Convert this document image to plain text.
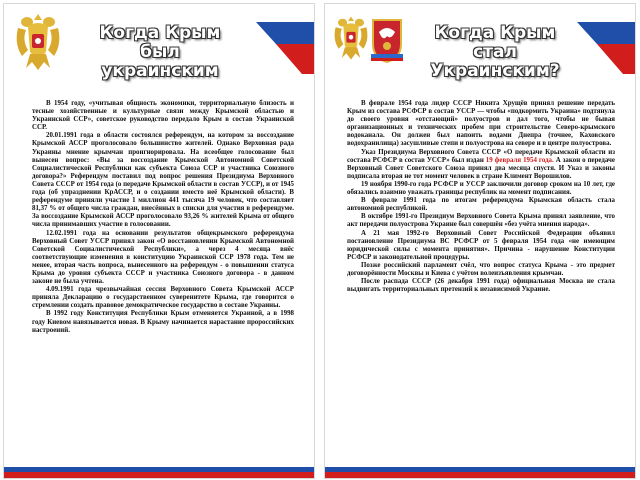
Когда Крым
был
украинским

В 1954 году, «учитывая общность экономики, территориальную близость и тесные хозяйственные и культурные связи между Крымской областью и Украинской ССР», советское руководство передало Крым в состав Украинской ССР.

20.01.1991 года в области состоялся референдум, на котором за воссоздание Крымской АССР проголосовало большинство жителей. Однако Верховная рада Украины мнение крымчан проигнорировала. На всеобщее голосование был вынесен вопрос: «Вы за воссоздание Крымской Автономной Советской Социалистической Республики как субъекта Союза ССР и участника Союзного договора?» Референдум поставил под вопрос решения Президиума Верховного Совета СССР от 1954 года (о передаче Крымской области в состав УССР), и от 1945 года (об упразднении КрАССР, и о создании вместо неё Крымской области). В референдуме приняли участие 1 миллион 441 тысяча 19 человек, что составляет 81,37 % от общего числа граждан, внесённых в списки для участия в референдуме. За воссоздание Крымской АССР проголосовало 93,26 % жителей Крыма от общего числа принимавших участие в голосовании.

12.02.1991 года на основании результатов общекрымского референдума Верховный Совет УССР принял закон «О восстановлении Крымской Автономной Советской Социалистической Республики», а через 4 месяца внёс соответствующие изменения в конституцию Украинской ССР 1978 года. Тем не менее, вторая часть вопроса, вынесенного на референдум - о повышении статуса Крыма до уровня субъекта СССР и участника Союзного договора - в данном законе не была учтена.

4.09.1991 года чрезвычайная сессия Верховного Совета Крымской АССР приняла Декларацию о государственном суверенитете Крыма, где говорится о стремлении создать правовое демократическое государство в составе Украины.

В 1992 году Конституция Республики Крым отменяется Украиной, а в 1998 году Киевом навязывается новая. В Крыму начинается нарастание пророссийских настроений.

Когда Крым
стал
Украинским?

В феврале 1954 года лидер СССР Никита Хрущёв принял решение передать Крым из состава РСФСР в состав УССР — чтобы «подкормить Украина» подтянула до своего уровня «отстающий» полуостров и дал того, чтобы не бывая организационных и технических пробем при строительстве Северо-крымского водоканала. Он должен был напоить водами Днепра (точнее, Каховского водохранилища) засушливые степи и полуострова на севере и в центре полуострова.

Указ Президиума Верховного Совета СССР «О передаче Крымской области из состава РСФСР в состав УССР» был издан 19 февраля 1954 года. А закон о передаче Верховный Совет Советского Союза принял два месяца спустя. И Указ и законы подписала вторая не тот момент человек в стране Климент Ворошилов.

19 ноября 1990-го года РСФСР и УССР заключили договор сроком на 10 лет, где обязались взаимно уважать границы республик на момент подписания.

В феврале 1991 года по итогам референдума Крымская область стала автономной республикой.

В октябре 1991-го Президиум Верховного Совета Крыма принял заявление, что акт передачи полуострова Украине был совершён «без учёта мнения народа».

А 21 мая 1992-го Верховный Совет Российской Федерации объявил постановление Президиума ВС РСФСР от 5 февраля 1954 года «не имеющим юридической силы с момента принятия». Причина - нарушение Конституции РСФСР и законодательной процедуры.

Позже российский парламент счёл, что вопрос статуса Крыма - это предмет договорённости Москвы и Киева с учётом волеизъявления крымчан.

После распада СССР (26 декабря 1991 года) официальная Москва не стала выдвигать территориальных претензий к независимой Украине.
